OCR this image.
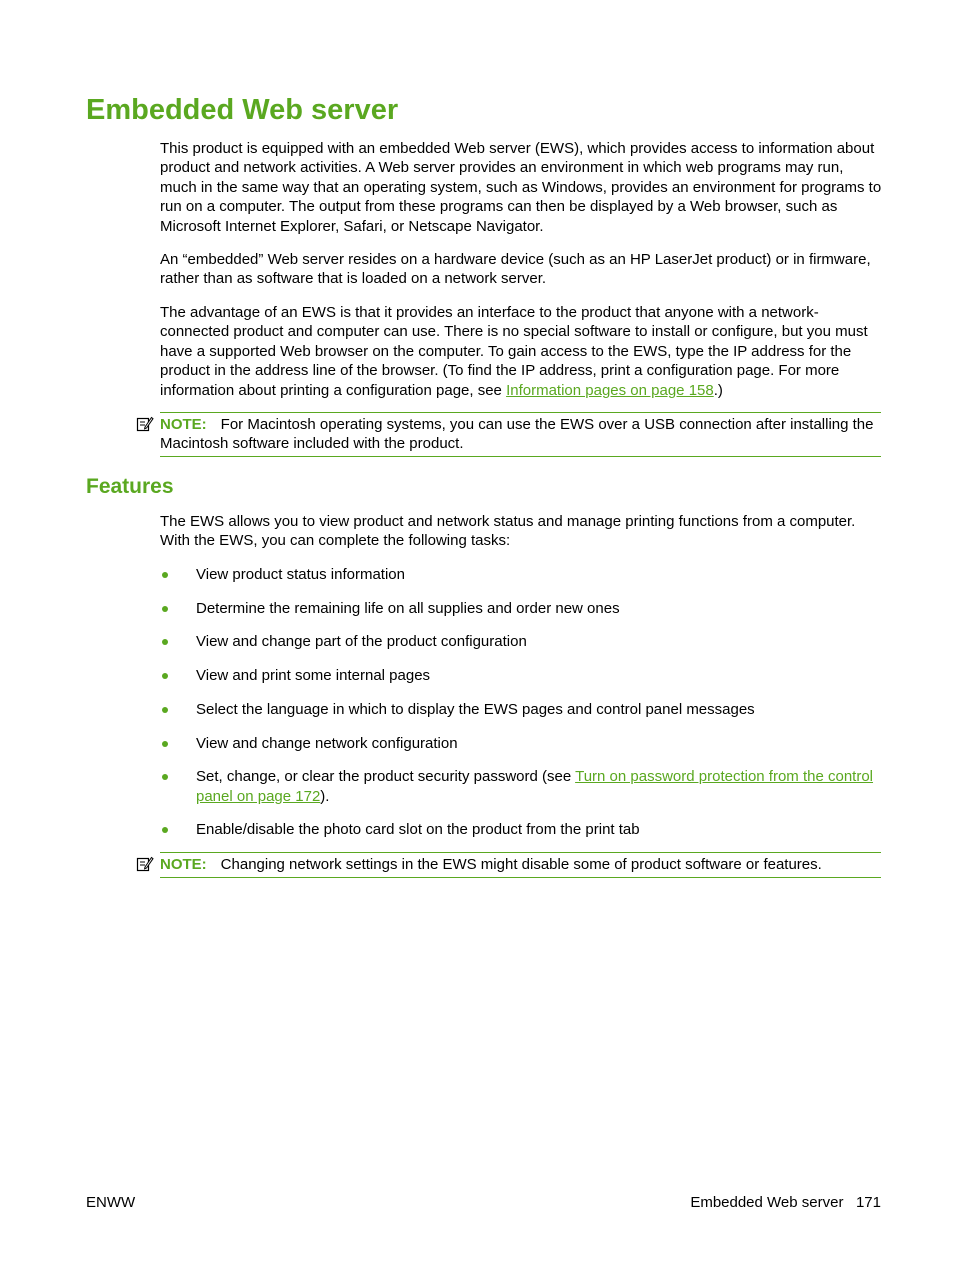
Embedded Web server

This product is equipped with an embedded Web server (EWS), which provides access to information about product and network activities. A Web server provides an environment in which web programs may run, much in the same way that an operating system, such as Windows, provides an environment for programs to run on a computer. The output from these programs can then be displayed by a Web browser, such as Microsoft Internet Explorer, Safari, or Netscape Navigator.

An “embedded” Web server resides on a hardware device (such as an HP LaserJet product) or in firmware, rather than as software that is loaded on a network server.

The advantage of an EWS is that it provides an interface to the product that anyone with a network-connected product and computer can use. There is no special software to install or configure, but you must have a supported Web browser on the computer. To gain access to the EWS, type the IP address for the product in the address line of the browser. (To find the IP address, print a configuration page. For more information about printing a configuration page, see Information pages on page 158.)

NOTE: For Macintosh operating systems, you can use the EWS over a USB connection after installing the Macintosh software included with the product.
Features

The EWS allows you to view product and network status and manage printing functions from a computer. With the EWS, you can complete the following tasks:

View product status information
Determine the remaining life on all supplies and order new ones
View and change part of the product configuration
View and print some internal pages
Select the language in which to display the EWS pages and control panel messages
View and change network configuration
Set, change, or clear the product security password (see Turn on password protection from the control panel on page 172).
Enable/disable the photo card slot on the product from the print tab
NOTE: Changing network settings in the EWS might disable some of product software or features.
ENWW	Embedded Web server 171
